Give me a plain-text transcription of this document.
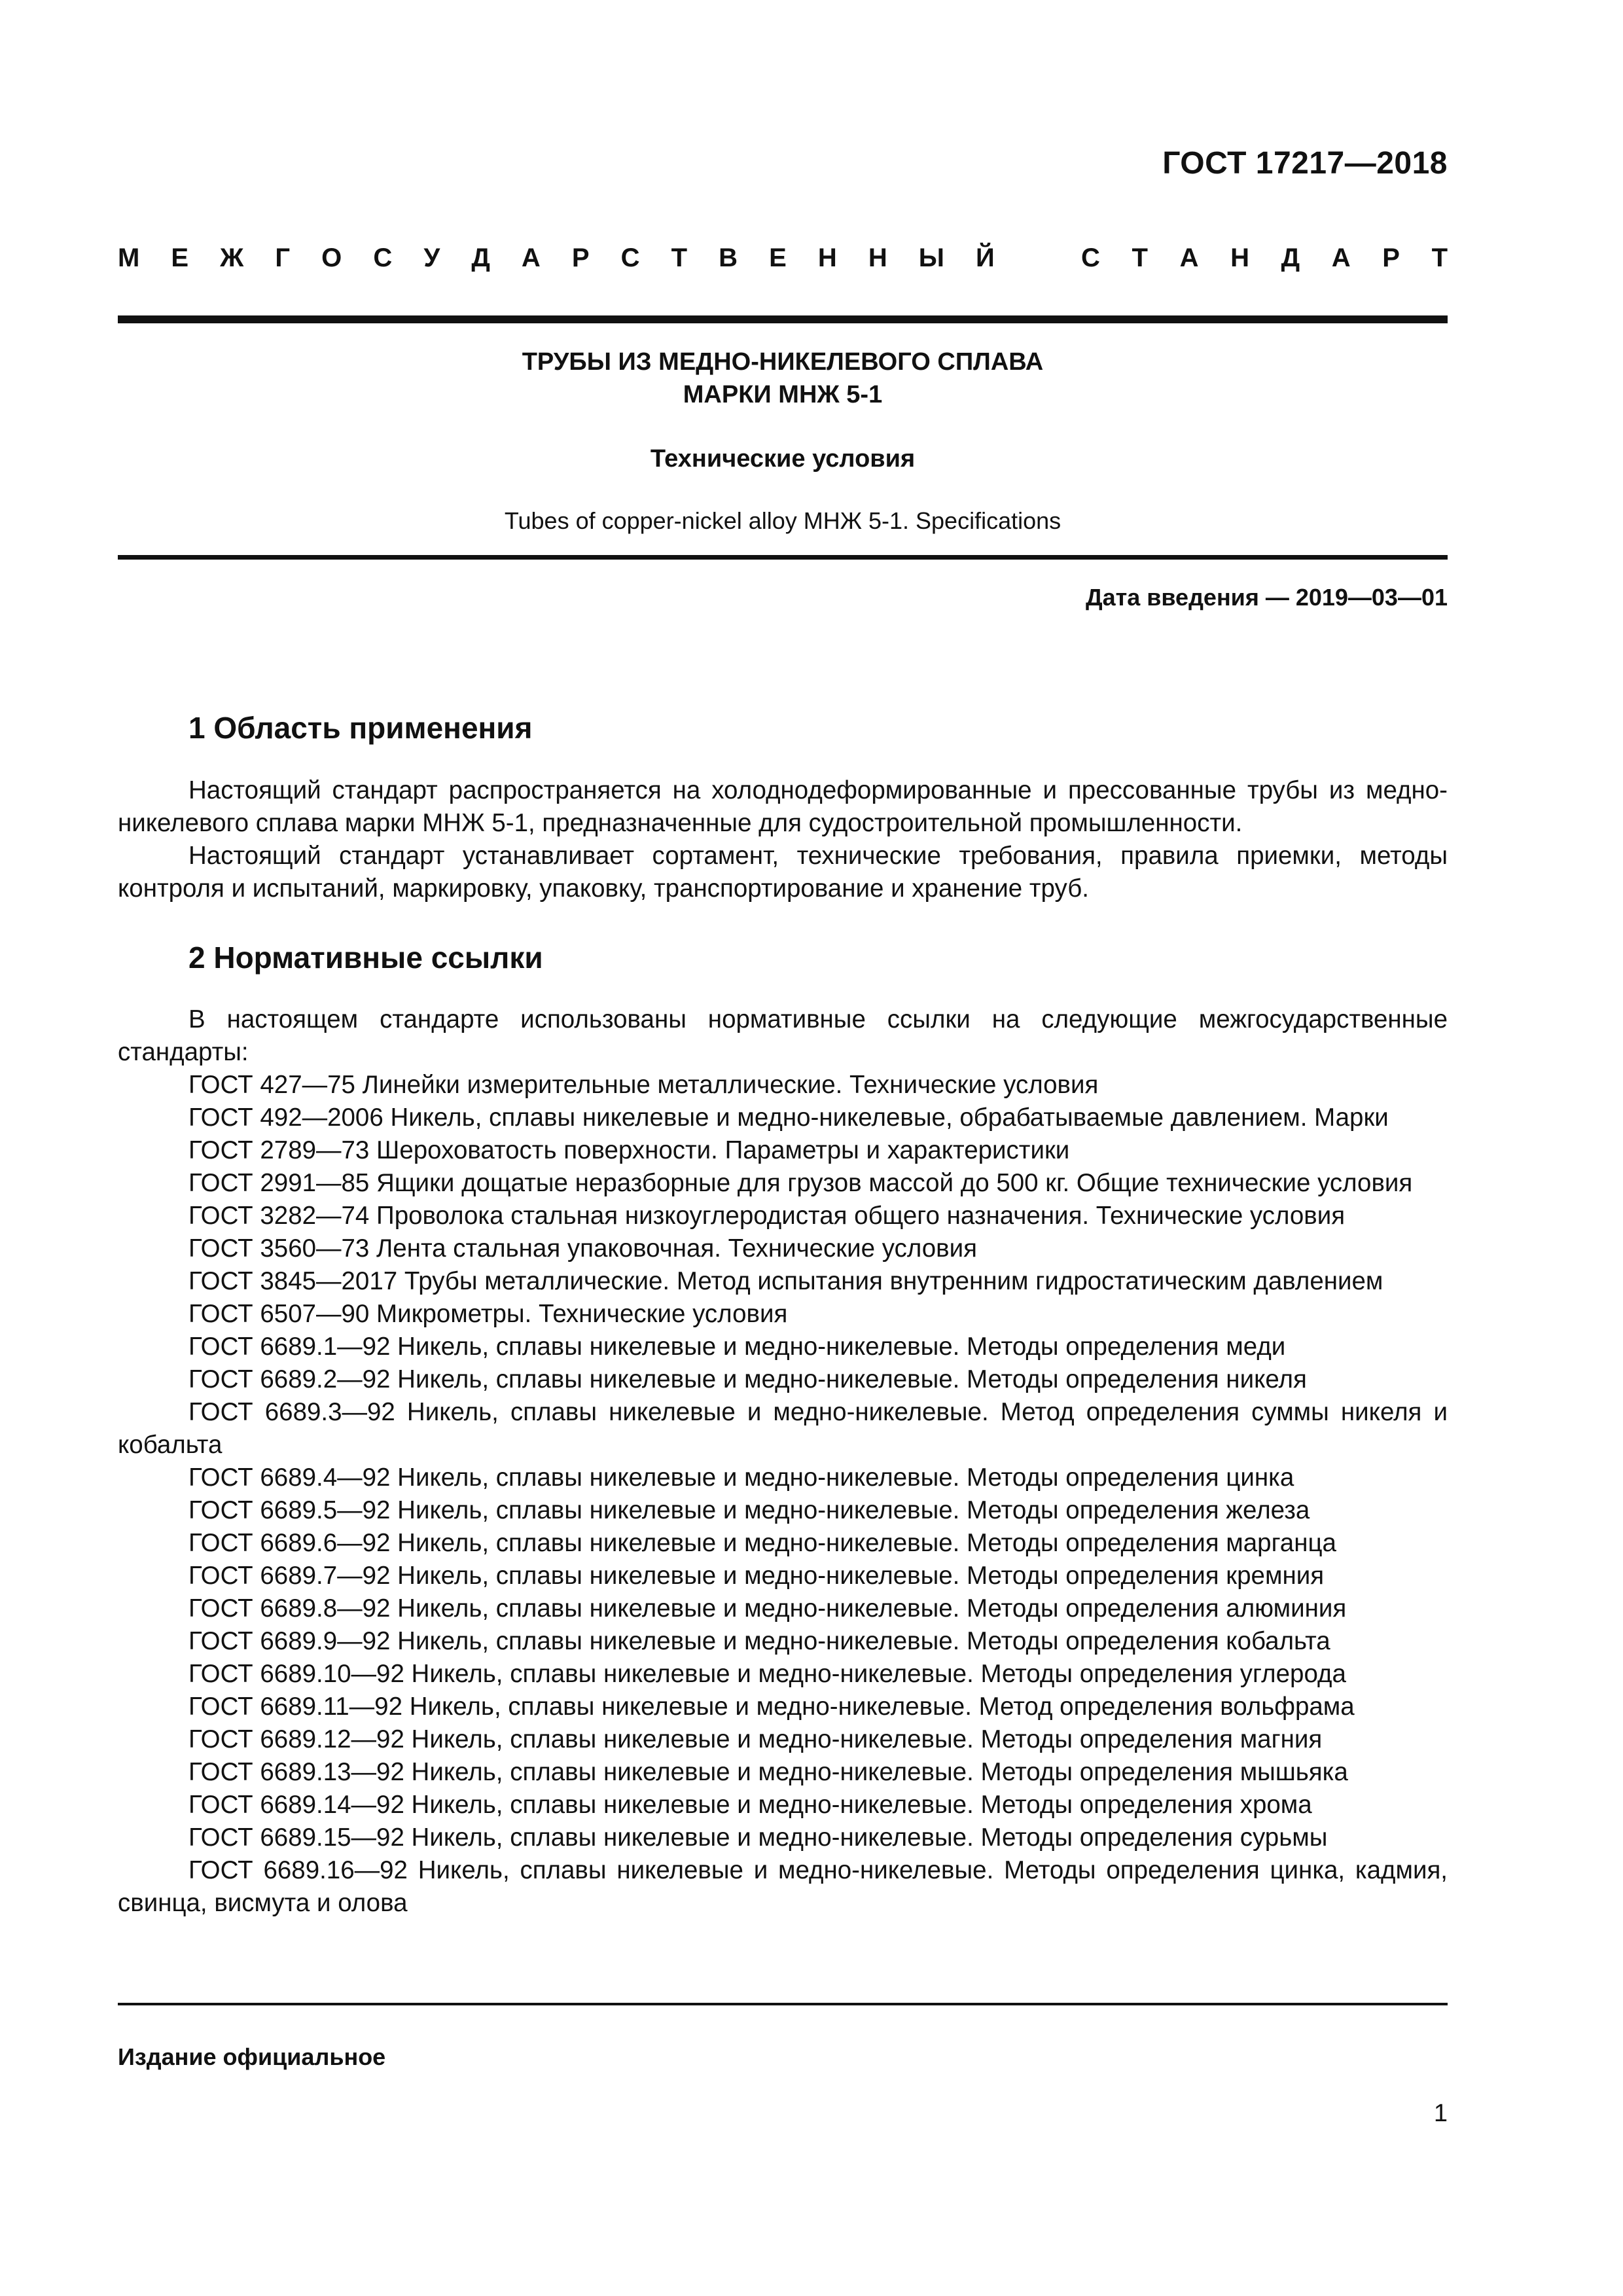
ГОСТ 17217—2018
М Е Ж Г О С У Д А Р С Т В Е Н Н Ы Й	С Т А Н Д А Р Т
ТРУБЫ ИЗ МЕДНО-НИКЕЛЕВОГО СПЛАВА
МАРКИ МНЖ 5-1
Технические условия
Tubes of copper-nickel alloy МНЖ 5-1. Specifications
Дата введения — 2019—03—01
1 Область применения

Настоящий стандарт распространяется на холоднодеформированные и прессованные трубы из медно-никелевого сплава марки МНЖ 5-1, предназначенные для судостроительной промышленности.

Настоящий стандарт устанавливает сортамент, технические требования, правила приемки, методы контроля и испытаний, маркировку, упаковку, транспортирование и хранение труб.

2 Нормативные ссылки

В настоящем стандарте использованы нормативные ссылки на следующие межгосударственные стандарты:

ГОСТ 427—75 Линейки измерительные металлические. Технические условия

ГОСТ 492—2006 Никель, сплавы никелевые и медно-никелевые, обрабатываемые давлением. Марки

ГОСТ 2789—73 Шероховатость поверхности. Параметры и характеристики

ГОСТ 2991—85 Ящики дощатые неразборные для грузов массой до 500 кг. Общие технические условия

ГОСТ 3282—74 Проволока стальная низкоуглеродистая общего назначения. Технические условия

ГОСТ 3560—73 Лента стальная упаковочная. Технические условия

ГОСТ 3845—2017 Трубы металлические. Метод испытания внутренним гидростатическим давлением

ГОСТ 6507—90 Микрометры. Технические условия

ГОСТ 6689.1—92 Никель, сплавы никелевые и медно-никелевые. Методы определения меди

ГОСТ 6689.2—92 Никель, сплавы никелевые и медно-никелевые. Методы определения никеля

ГОСТ 6689.3—92 Никель, сплавы никелевые и медно-никелевые. Метод определения суммы никеля и кобальта

ГОСТ 6689.4—92 Никель, сплавы никелевые и медно-никелевые. Методы определения цинка

ГОСТ 6689.5—92 Никель, сплавы никелевые и медно-никелевые. Методы определения железа

ГОСТ 6689.6—92 Никель, сплавы никелевые и медно-никелевые. Методы определения марганца

ГОСТ 6689.7—92 Никель, сплавы никелевые и медно-никелевые. Методы определения кремния

ГОСТ 6689.8—92 Никель, сплавы никелевые и медно-никелевые. Методы определения алюминия

ГОСТ 6689.9—92 Никель, сплавы никелевые и медно-никелевые. Методы определения кобальта

ГОСТ 6689.10—92 Никель, сплавы никелевые и медно-никелевые. Методы определения углерода

ГОСТ 6689.11—92 Никель, сплавы никелевые и медно-никелевые. Метод определения вольфрама

ГОСТ 6689.12—92 Никель, сплавы никелевые и медно-никелевые. Методы определения магния

ГОСТ 6689.13—92 Никель, сплавы никелевые и медно-никелевые. Методы определения мышьяка

ГОСТ 6689.14—92 Никель, сплавы никелевые и медно-никелевые. Методы определения хрома

ГОСТ 6689.15—92 Никель, сплавы никелевые и медно-никелевые. Методы определения сурьмы

ГОСТ 6689.16—92 Никель, сплавы никелевые и медно-никелевые. Методы определения цинка, кадмия, свинца, висмута и олова

Издание официальное
1
